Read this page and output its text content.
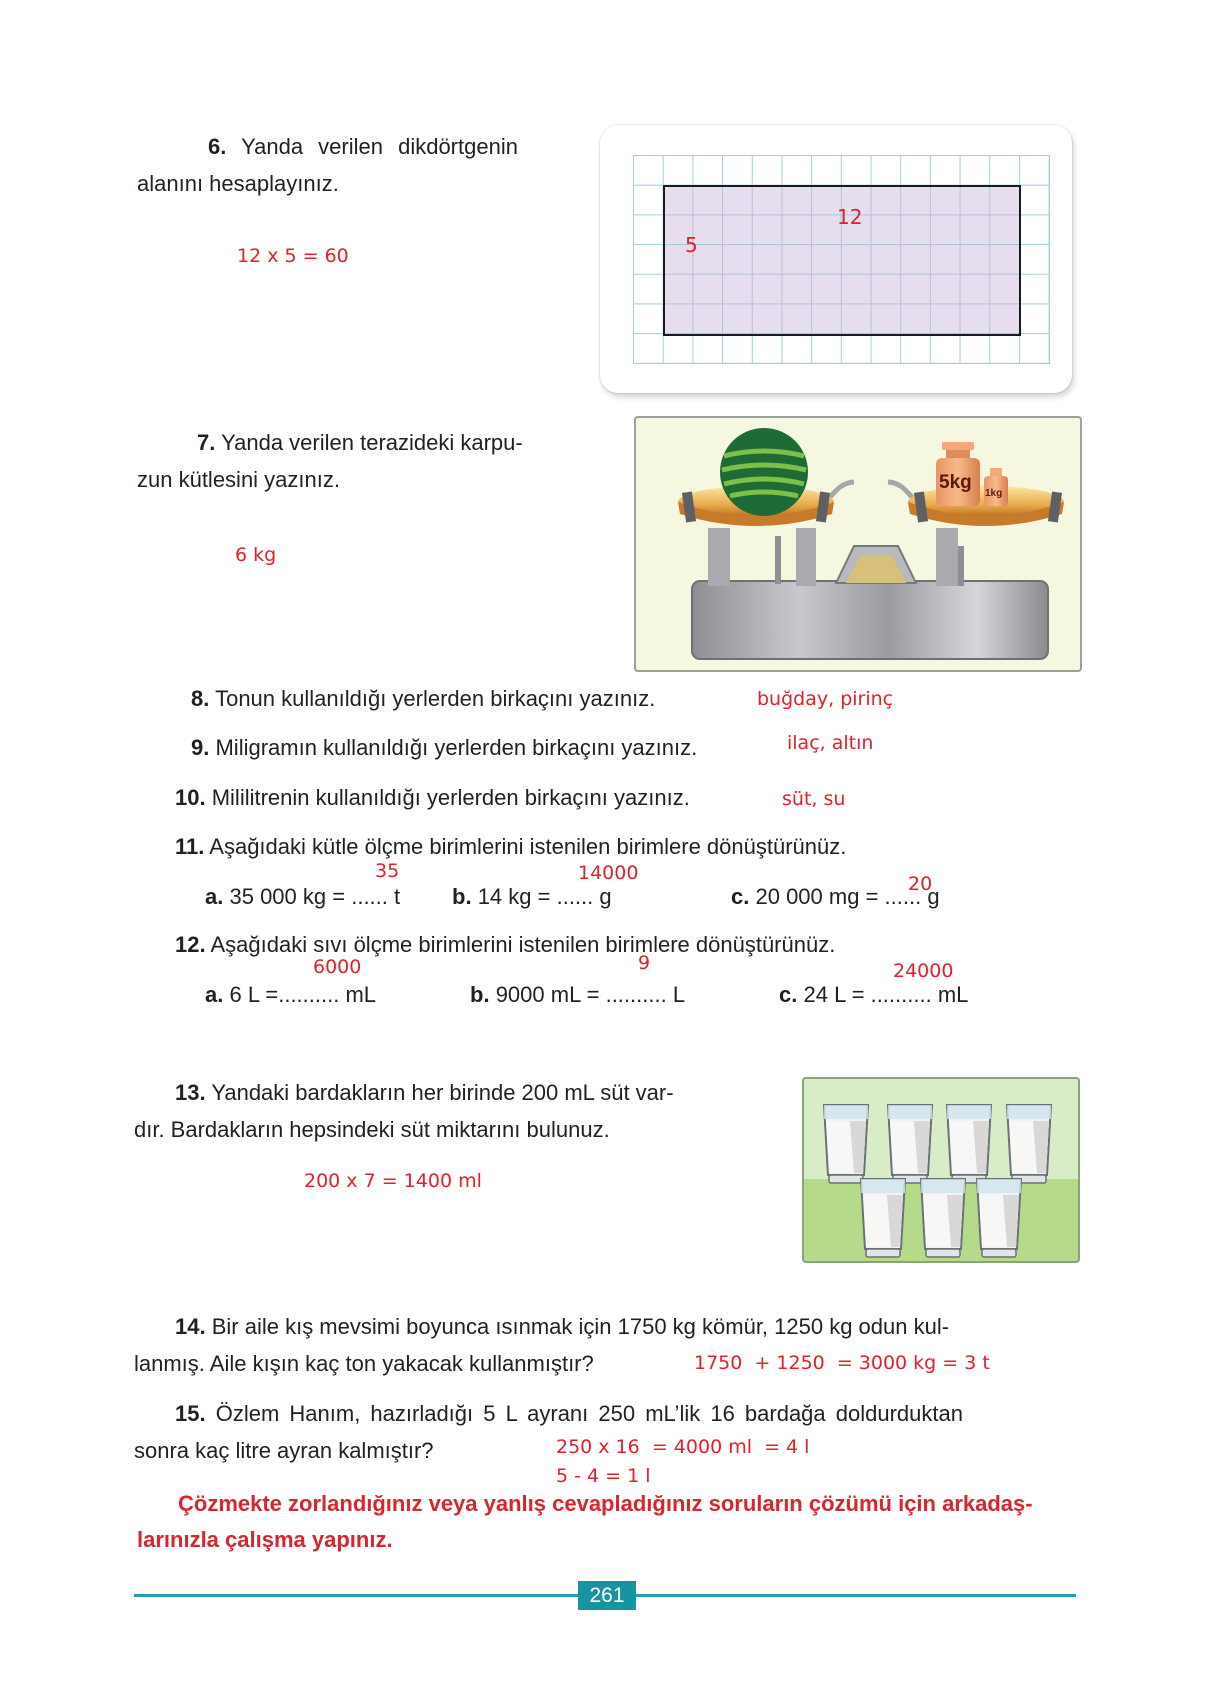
6. Yanda verilen dikdörtgenin
alanını hesaplayınız.
12 x 5 = 60
12
5
7. Yanda verilen terazideki karpu-
zun kütlesini yazınız.
6 kg
5kg
1kg
8. Tonun kullanıldığı yerlerden birkaçını yazınız.	buğday, pirinç
9. Miligramın kullanıldığı yerlerden birkaçını yazınız.	ilaç, altın
10. Mililitrenin kullanıldığı yerlerden birkaçını yazınız.	süt, su
11. Aşağıdaki kütle ölçme birimlerini istenilen birimlere dönüştürünüz.
a. 35 000 kg = ...... t
35
b. 14 kg = ...... g
14000
c. 20 000 mg = ...... g
20
12. Aşağıdaki sıvı ölçme birimlerini istenilen birimlere dönüştürünüz.
a. 6 L =.......... mL
6000
b. 9000 mL = .......... L
9
c. 24 L = .......... mL
24000
13. Yandaki bardakların her birinde 200 mL süt var-
dır. Bardakların hepsindeki süt miktarını bulunuz.
200 x 7 = 1400 ml
14. Bir aile kış mevsimi boyunca ısınmak için 1750 kg kömür, 1250 kg odun kul-
lanmış. Aile kışın kaç ton yakacak kullanmıştır?	1750  + 1250  = 3000 kg = 3 t
15. Özlem Hanım, hazırladığı 5 L ayranı 250 mL’lik 16 bardağa doldurduktan
sonra kaç litre ayran kalmıştır?	250 x 16  = 4000 ml  = 4 l
5 - 4 = 1 l
Çözmekte zorlandığınız veya yanlış cevapladığınız soruların çözümü için arkadaş-
larınızla çalışma yapınız.
261
